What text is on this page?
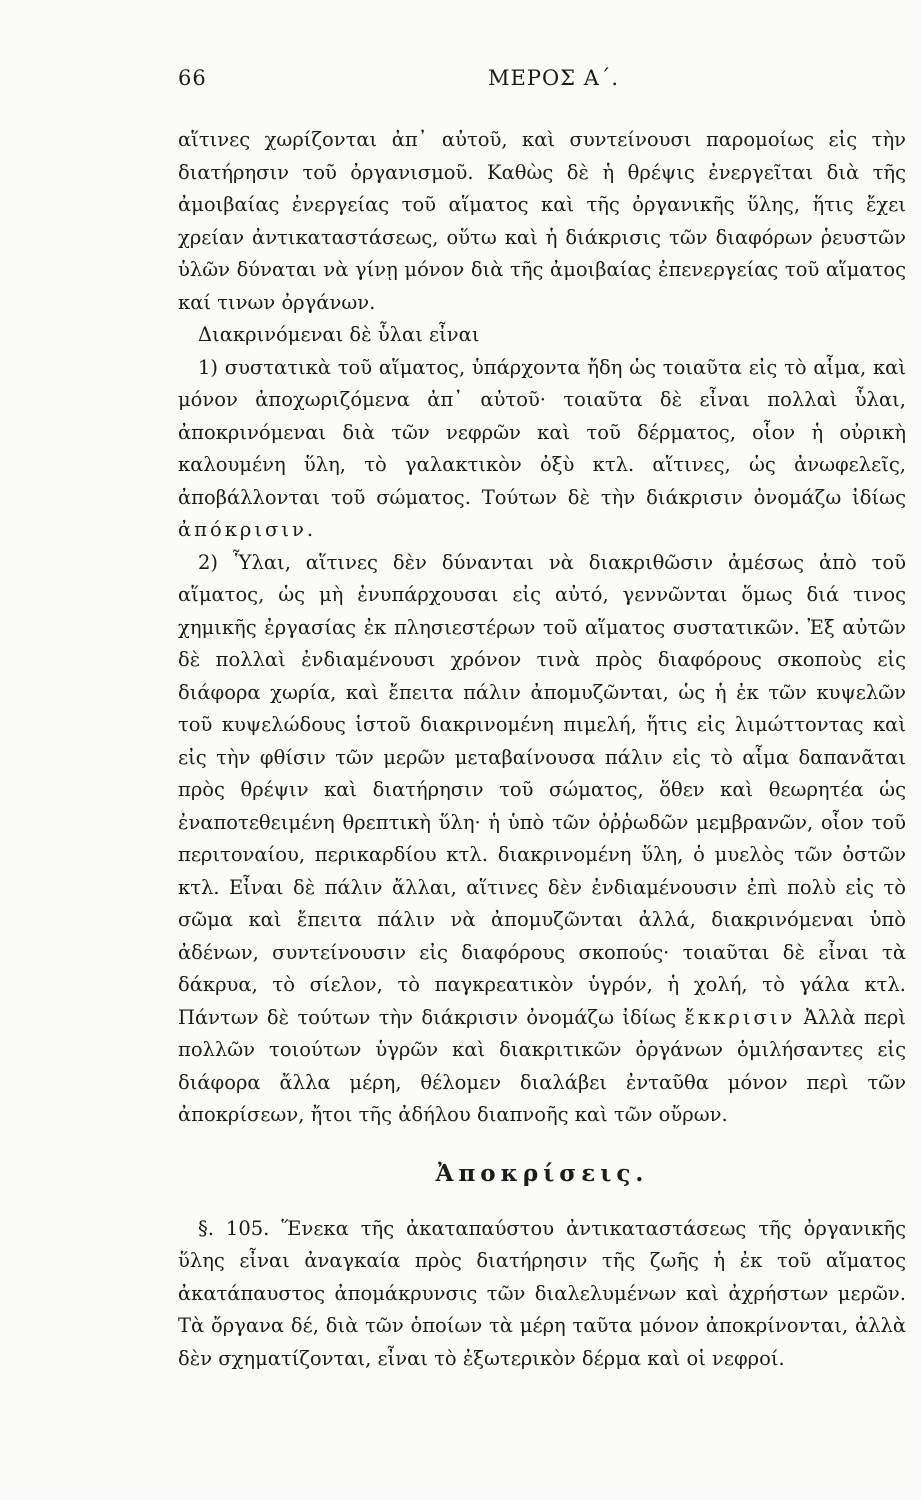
66	ΜΕΡΟΣ Α΄.

αἵτινες χωρίζονται ἀπ᾽ αὐτοῦ, καὶ συντείνουσι παρομοίως εἰς τὴν διατήρησιν τοῦ ὀργανισμοῦ. Καθὼς δὲ ἡ θρέψις ἐνεργεῖται διὰ τῆς ἀμοιβαίας ἐνεργείας τοῦ αἵματος καὶ τῆς ὀργανικῆς ὕλης, ἥτις ἔχει χρείαν ἀντικαταστάσεως, οὕτω καὶ ἡ διάκρισις τῶν διαφόρων ῥευστῶν ὑλῶν δύναται νὰ γίνῃ μόνον διὰ τῆς ἀμοιβαίας ἐπενεργείας τοῦ αἵματος καί τινων ὀργάνων.

Διακρινόμεναι δὲ ὗλαι εἶναι

1) συστατικὰ τοῦ αἵματος, ὑπάρχοντα ἤδη ὡς τοιαῦτα εἰς τὸ αἷμα, καὶ μόνον ἀποχωριζόμενα ἀπ᾽ αὐτοῦ· τοιαῦτα δὲ εἶναι πολλαὶ ὗλαι, ἀποκρινόμεναι διὰ τῶν νεφρῶν καὶ τοῦ δέρματος, οἷον ἡ οὐρικὴ καλουμένη ὕλη, τὸ γαλακτικὸν ὀξὺ κτλ. αἵτινες, ὡς ἀνωφελεῖς, ἀποβάλλονται τοῦ σώματος. Τούτων δὲ τὴν διάκρισιν ὀνομάζω ἰδίως ἀπόκρισιν.

2) Ὗλαι, αἵτινες δὲν δύνανται νὰ διακριθῶσιν ἀμέσως ἀπὸ τοῦ αἵματος, ὡς μὴ ἐνυπάρχουσαι εἰς αὐτό, γεννῶνται ὅμως διά τινος χημικῆς ἐργασίας ἐκ πλησιεστέρων τοῦ αἵματος συστατικῶν. Ἐξ αὐτῶν δὲ πολλαὶ ἐνδιαμένουσι χρόνον τινὰ πρὸς διαφόρους σκοποὺς εἰς διάφορα χωρία, καὶ ἔπειτα πάλιν ἀπομυζῶνται, ὡς ἡ ἐκ τῶν κυψελῶν τοῦ κυψελώδους ἱστοῦ διακρινομένη πιμελή, ἥτις εἰς λιμώττοντας καὶ εἰς τὴν φθίσιν τῶν μερῶν μεταβαίνουσα πάλιν εἰς τὸ αἷμα δαπανᾶται πρὸς θρέψιν καὶ διατήρησιν τοῦ σώματος, ὅθεν καὶ θεωρητέα ὡς ἐναποτεθειμένη θρεπτικὴ ὕλη· ἡ ὑπὸ τῶν ὀῤῥωδῶν μεμβρανῶν, οἷον τοῦ περιτοναίου, περικαρδίου κτλ. διακρινομένη ὕλη, ὁ μυελὸς τῶν ὀστῶν κτλ. Εἶναι δὲ πάλιν ἄλλαι, αἵτινες δὲν ἐνδιαμένουσιν ἐπὶ πολὺ εἰς τὸ σῶμα καὶ ἔπειτα πάλιν νὰ ἀπομυζῶνται ἀλλά, διακρινόμεναι ὑπὸ ἀδένων, συντείνουσιν εἰς διαφόρους σκοπούς· τοιαῦται δὲ εἶναι τὰ δάκρυα, τὸ σίελον, τὸ παγκρεατικὸν ὑγρόν, ἡ χολή, τὸ γάλα κτλ. Πάντων δὲ τούτων τὴν διάκρισιν ὀνομάζω ἰδίως ἔκκρισιν Ἀλλὰ περὶ πολλῶν τοιούτων ὑγρῶν καὶ διακριτικῶν ὀργάνων ὁμιλήσαντες εἰς διάφορα ἄλλα μέρη, θέλομεν διαλάβει ἐνταῦθα μόνον περὶ τῶν ἀποκρίσεων, ἤτοι τῆς ἀδήλου διαπνοῆς καὶ τῶν οὔρων.

Ἀποκρίσεις.

§. 105. Ἕνεκα τῆς ἀκαταπαύστου ἀντικαταστάσεως τῆς ὀργανικῆς ὕλης εἶναι ἀναγκαία πρὸς διατήρησιν τῆς ζωῆς ἡ ἐκ τοῦ αἵματος ἀκατάπαυστος ἀπομάκρυνσις τῶν διαλελυμένων καὶ ἀχρήστων μερῶν. Τὰ ὄργανα δέ, διὰ τῶν ὁποίων τὰ μέρη ταῦτα μόνον ἀποκρίνονται, ἀλλὰ δὲν σχηματίζονται, εἶναι τὸ ἐξωτερικὸν δέρμα καὶ οἱ νεφροί.
